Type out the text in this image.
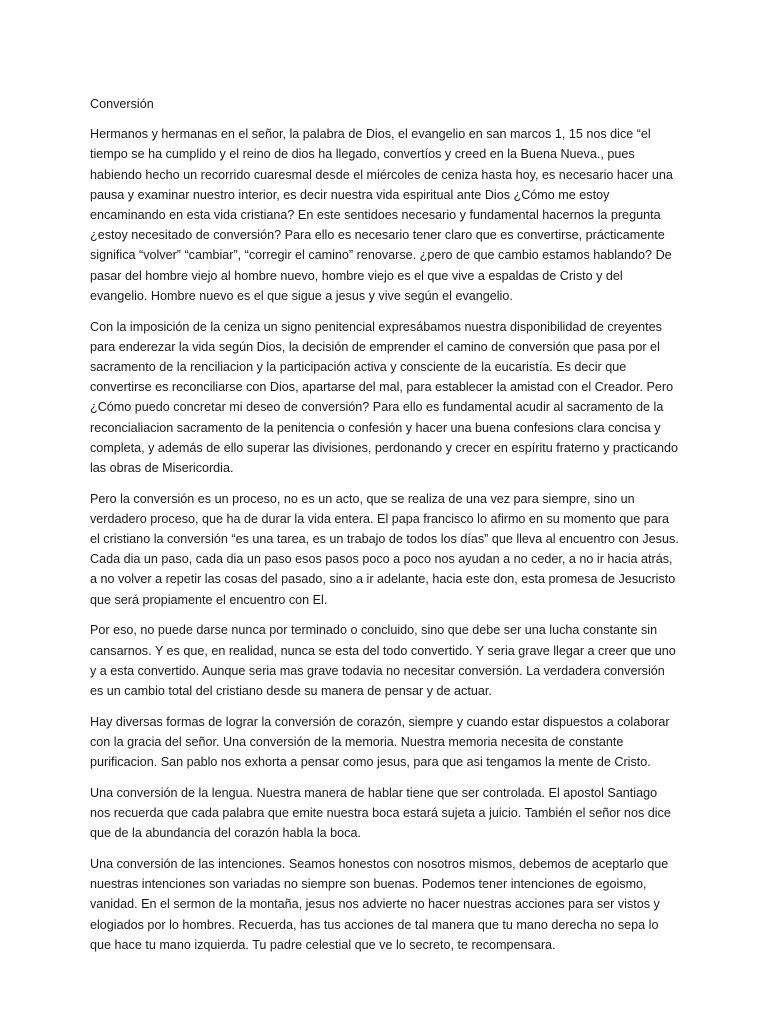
Conversión

Hermanos y hermanas en el señor, la palabra de Dios, el evangelio en san marcos 1, 15 nos dice “el tiempo se ha cumplido y el reino de dios ha llegado, convertíos y creed en la Buena Nueva., pues habiendo hecho un recorrido cuaresmal desde el miércoles de ceniza hasta hoy, es necesario hacer una pausa y examinar nuestro interior, es decir nuestra vida espiritual ante Dios ¿Cómo me estoy encaminando en esta vida cristiana? En este sentidoes necesario y fundamental hacernos la pregunta ¿estoy necesitado de conversión? Para ello es necesario tener claro que es convertirse, prácticamente significa “volver” “cambiar”, “corregir el camino” renovarse. ¿pero de que cambio estamos hablando? De pasar del hombre viejo al hombre nuevo, hombre viejo es el que vive a espaldas de Cristo y del evangelio. Hombre nuevo es el que sigue a jesus y vive según el evangelio.

Con la imposición de la ceniza un signo penitencial expresábamos nuestra disponibilidad de creyentes para enderezar la vida según Dios, la decisión de emprender el camino de conversión que pasa por el sacramento de la renciliacion y la participación activa y consciente de la eucaristía. Es decir que convertirse es reconciliarse con Dios, apartarse del mal, para establecer la amistad con el Creador. Pero ¿Cómo puedo concretar mi deseo de conversión? Para ello es fundamental acudir al sacramento de la reconcialiacion sacramento de la penitencia o confesión y hacer una buena confesions clara concisa y completa, y además de ello superar las divisiones, perdonando y crecer en espíritu fraterno y practicando las obras de Misericordia.

Pero la conversión es un proceso, no es un acto, que se realiza de una vez para siempre, sino un verdadero proceso, que ha de durar la vida entera. El papa francisco lo afirmo en su momento que para el cristiano la conversión “es una tarea, es un trabajo de todos los días” que lleva al encuentro con Jesus. Cada dia un paso, cada dia un paso esos pasos poco a poco nos ayudan a no ceder, a no ir hacia atrás, a no volver a repetir las cosas del pasado, sino a ir adelante, hacia este don, esta promesa de Jesucristo que será propiamente el encuentro con El.

Por eso, no puede darse nunca por terminado o concluido, sino que debe ser una lucha constante sin cansarnos. Y es que, en realidad, nunca se esta del todo convertido. Y seria grave llegar a creer que uno y a esta convertido. Aunque seria mas grave todavia no necesitar conversión. La verdadera conversión es un cambio total del cristiano desde su manera de pensar y de actuar.

Hay diversas formas de lograr la conversión de corazón, siempre y cuando estar dispuestos a colaborar con la gracia del señor. Una conversión de la memoria. Nuestra memoria necesita de constante purificacion. San pablo nos exhorta a pensar como jesus, para que asi tengamos la mente de Cristo.

Una conversión de la lengua. Nuestra manera de hablar tiene que ser controlada. El apostol Santiago nos recuerda que cada palabra que emite nuestra boca estará sujeta a juicio. También el señor nos dice que de la abundancia del corazón habla la boca.

Una conversión de las intenciones. Seamos honestos con nosotros mismos, debemos de aceptarlo que nuestras intenciones son variadas no siempre son buenas. Podemos tener intenciones de egoismo, vanidad. En el sermon de la montaña, jesus nos advierte no hacer nuestras acciones para ser vistos y elogiados por lo hombres. Recuerda, has tus acciones de tal manera que tu mano derecha no sepa lo que hace tu mano izquierda. Tu padre celestial que ve lo secreto, te recompensara.
